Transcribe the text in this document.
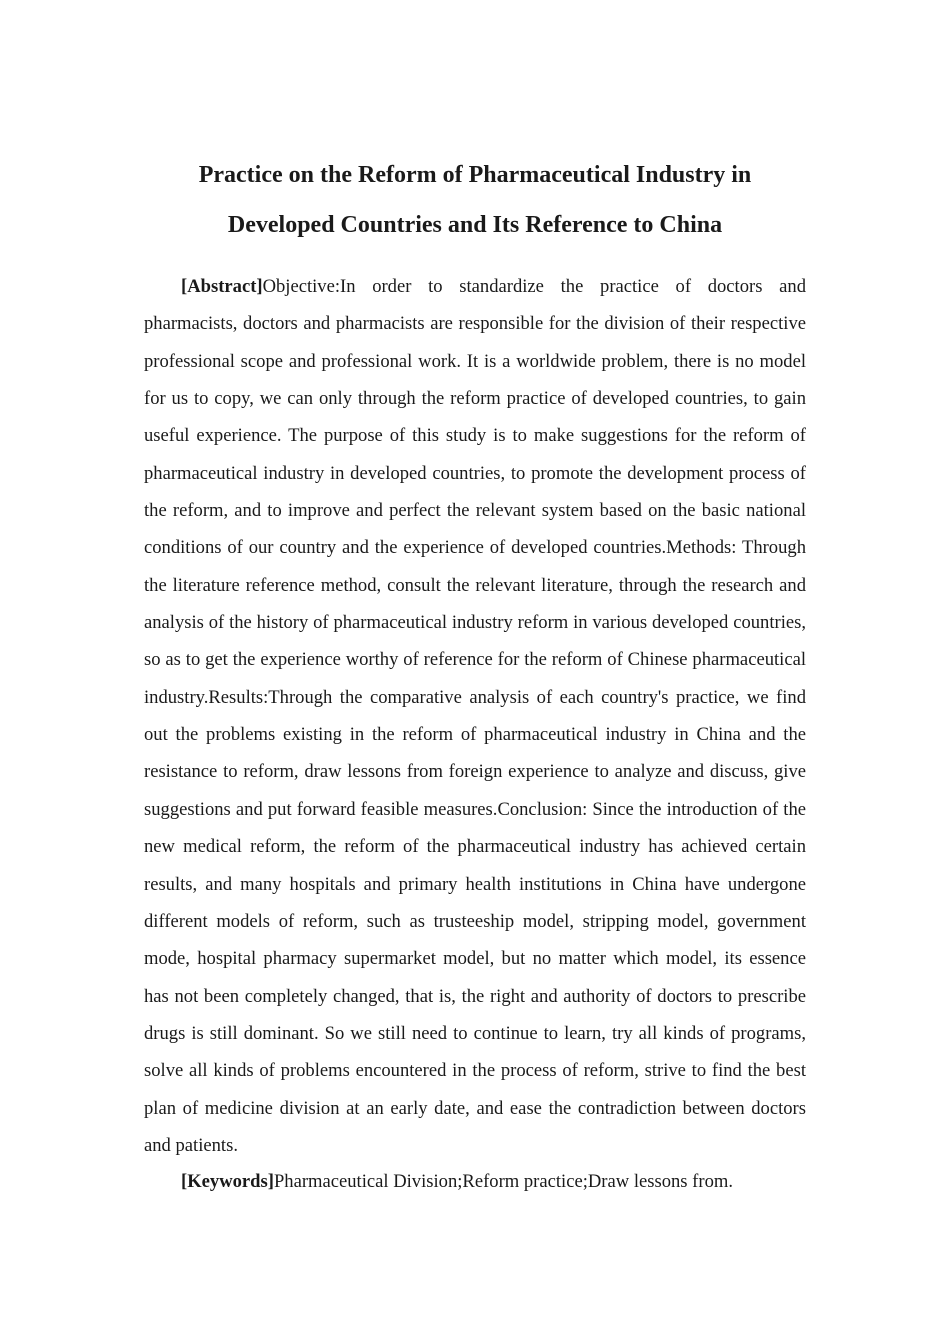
Practice on the Reform of Pharmaceutical Industry in
Developed Countries and Its Reference to China

[Abstract]Objective:In order to standardize the practice of doctors and pharmacists, doctors and pharmacists are responsible for the division of their respective professional scope and professional work. It is a worldwide problem, there is no model for us to copy, we can only through the reform practice of developed countries, to gain useful experience. The purpose of this study is to make suggestions for the reform of pharmaceutical industry in developed countries, to promote the development process of the reform, and to improve and perfect the relevant system based on the basic national conditions of our country and the experience of developed countries.Methods: Through the literature reference method, consult the relevant literature, through the research and analysis of the history of pharmaceutical industry reform in various developed countries, so as to get the experience worthy of reference for the reform of Chinese pharmaceutical industry.Results:Through the comparative analysis of each country's practice, we find out the problems existing in the reform of pharmaceutical industry in China and the resistance to reform, draw lessons from foreign experience to analyze and discuss, give suggestions and put forward feasible measures.Conclusion: Since the introduction of the new medical reform, the reform of the pharmaceutical industry has achieved certain results, and many hospitals and primary health institutions in China have undergone different models of reform, such as trusteeship model, stripping model, government mode, hospital pharmacy supermarket model, but no matter which model, its essence has not been completely changed, that is, the right and authority of doctors to prescribe drugs is still dominant. So we still need to continue to learn, try all kinds of programs, solve all kinds of problems encountered in the process of reform, strive to find the best plan of medicine division at an early date, and ease the contradiction between doctors and patients.

[Keywords]Pharmaceutical Division;Reform practice;Draw lessons from.
